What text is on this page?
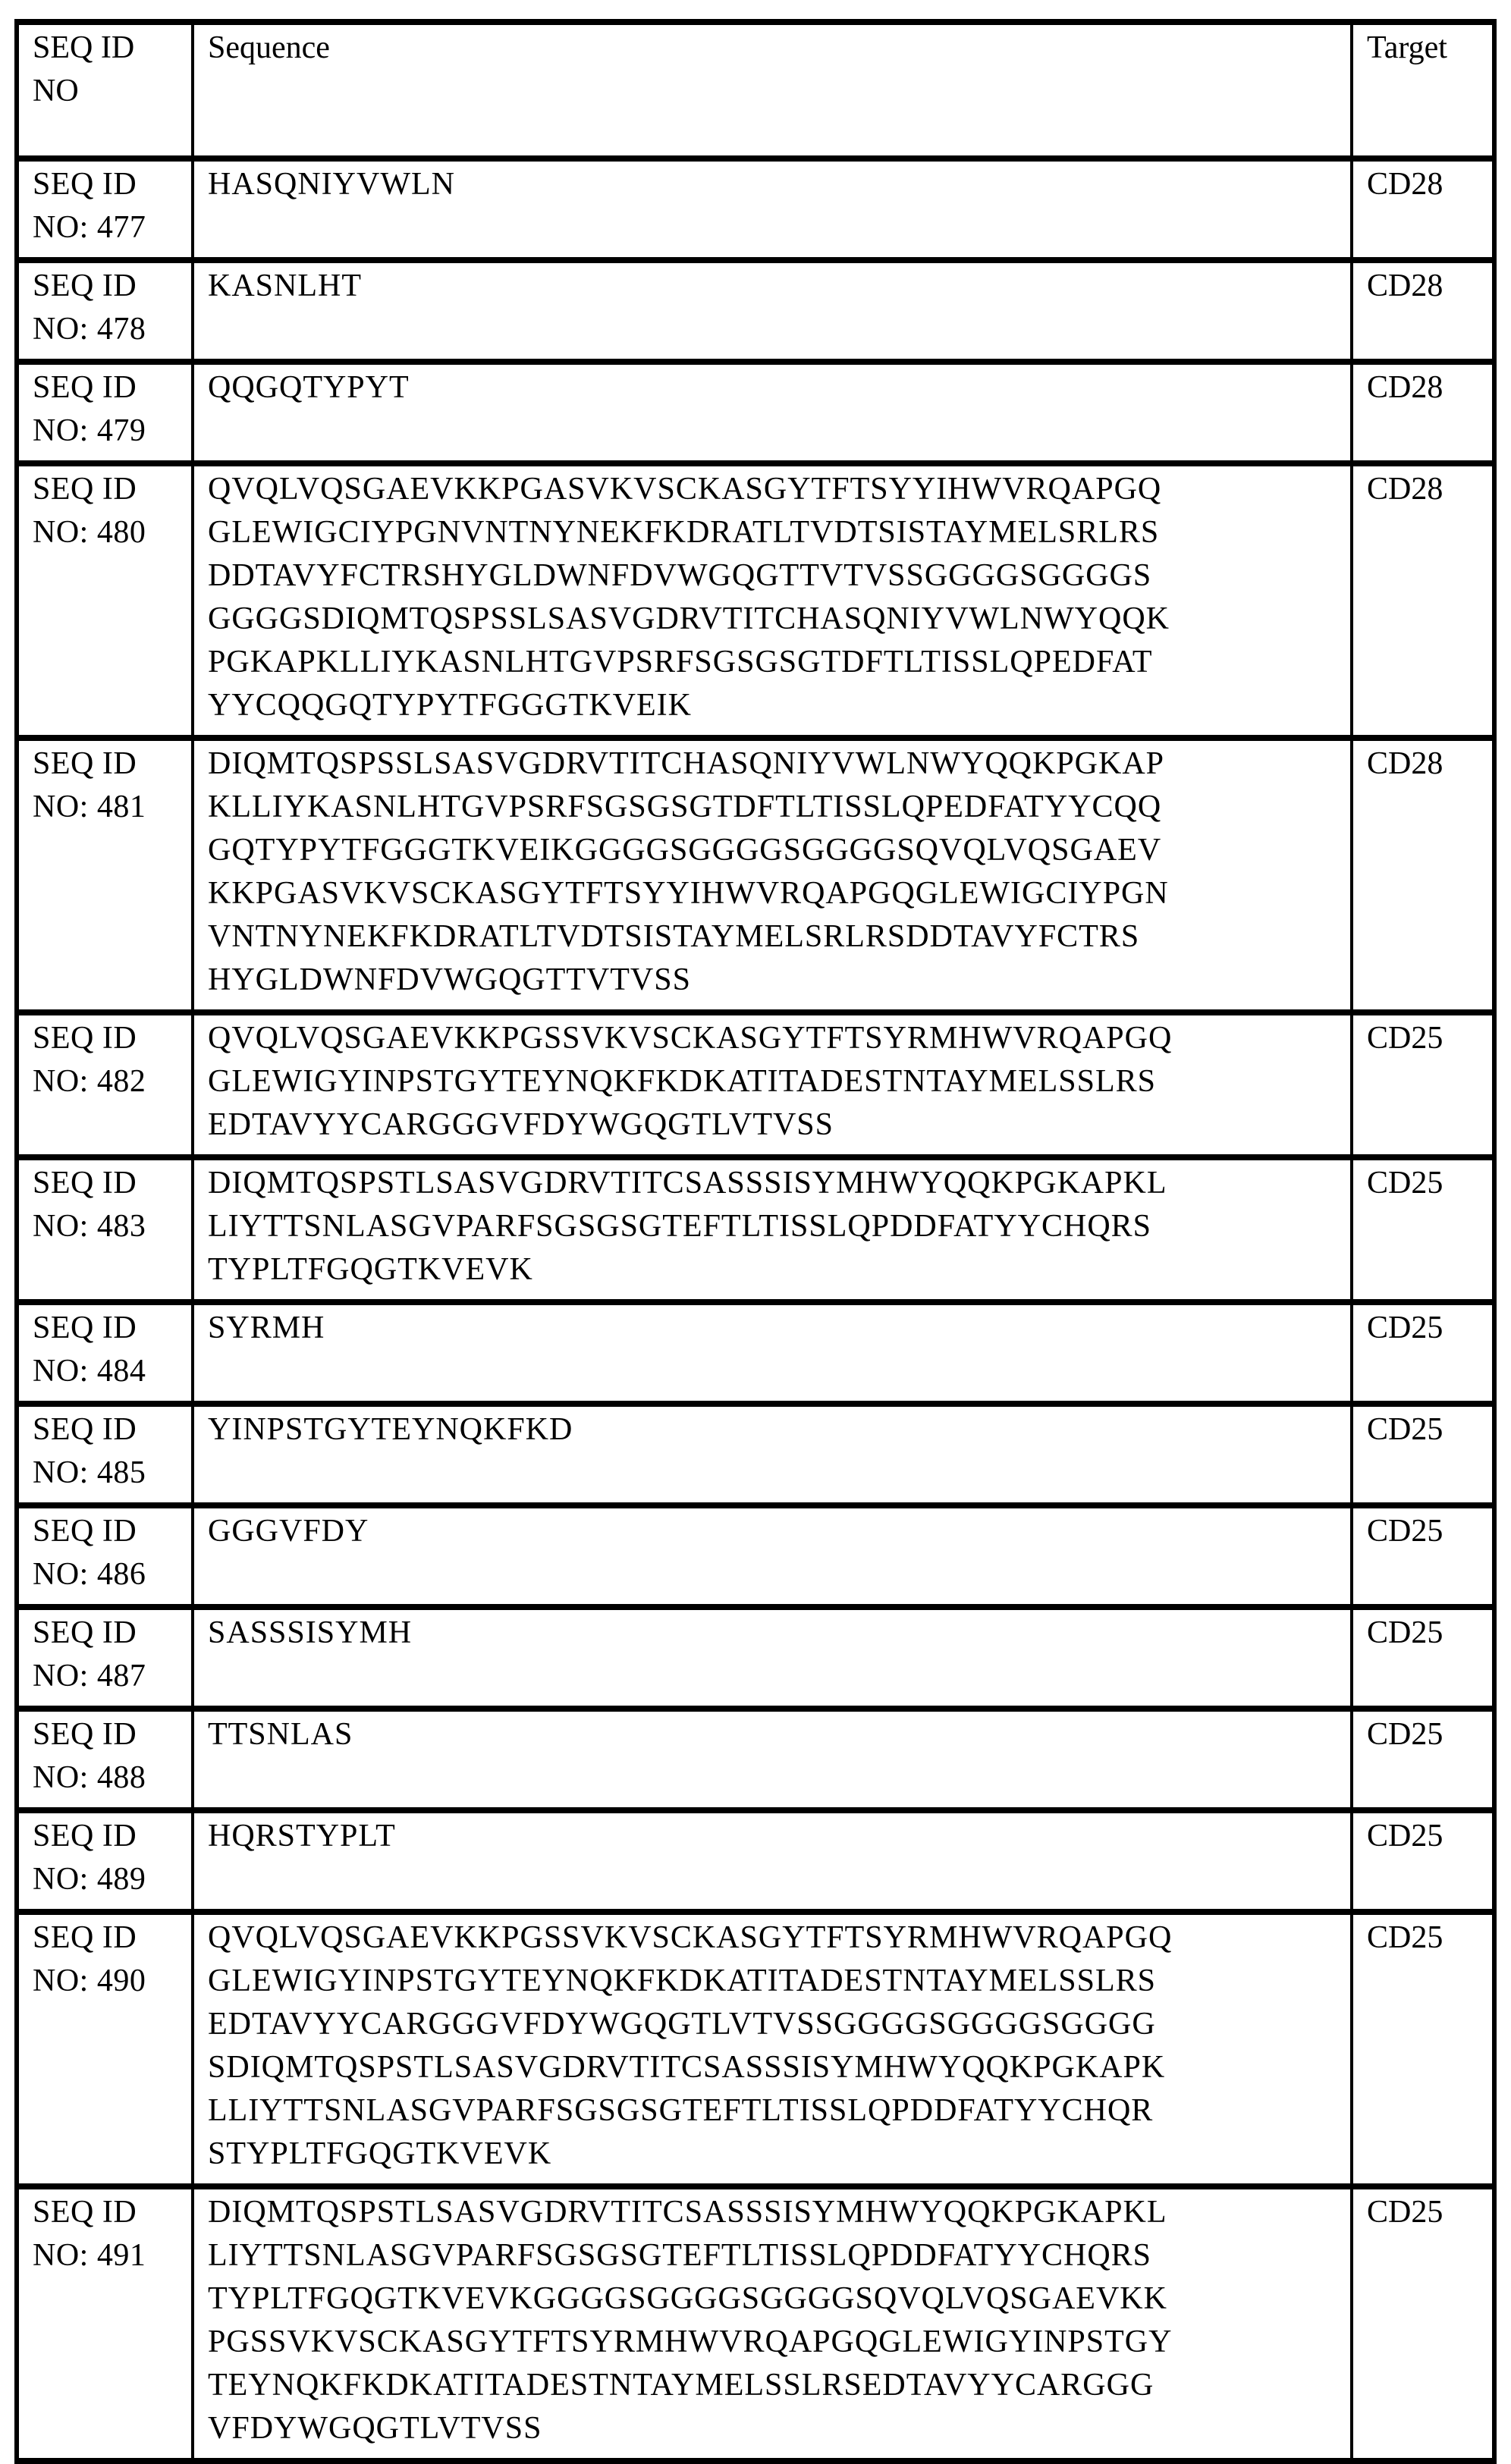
SEQ ID
NO	Sequence	Target
SEQ ID
NO: 477	HASQNIYVWLN	CD28
SEQ ID
NO: 478	KASNLHT	CD28
SEQ ID
NO: 479	QQGQTYPYT	CD28
SEQ ID
NO: 480	QVQLVQSGAEVKKPGASVKVSCKASGYTFTSYYIHWVRQAPGQ
GLEWIGCIYPGNVNTNYNEKFKDRATLTVDTSISTAYMELSRLRS
DDTAVYFCTRSHYGLDWNFDVWGQGTTVTVSSGGGGSGGGGS
GGGGSDIQMTQSPSSLSASVGDRVTITCHASQNIYVWLNWYQQK
PGKAPKLLIYKASNLHTGVPSRFSGSGSGTDFTLTISSLQPEDFAT
YYCQQGQTYPYTFGGGTKVEIK	CD28
SEQ ID
NO: 481	DIQMTQSPSSLSASVGDRVTITCHASQNIYVWLNWYQQKPGKAP
KLLIYKASNLHTGVPSRFSGSGSGTDFTLTISSLQPEDFATYYCQQ
GQTYPYTFGGGTKVEIKGGGGSGGGGSGGGGSQVQLVQSGAEV
KKPGASVKVSCKASGYTFTSYYIHWVRQAPGQGLEWIGCIYPGN
VNTNYNEKFKDRATLTVDTSISTAYMELSRLRSDDTAVYFCTRS
HYGLDWNFDVWGQGTTVTVSS	CD28
SEQ ID
NO: 482	QVQLVQSGAEVKKPGSSVKVSCKASGYTFTSYRMHWVRQAPGQ
GLEWIGYINPSTGYTEYNQKFKDKATITADESTNTAYMELSSLRS
EDTAVYYCARGGGVFDYWGQGTLVTVSS	CD25
SEQ ID
NO: 483	DIQMTQSPSTLSASVGDRVTITCSASSSISYMHWYQQKPGKAPKL
LIYTTSNLASGVPARFSGSGSGTEFTLTISSLQPDDFATYYCHQRS
TYPLTFGQGTKVEVK	CD25
SEQ ID
NO: 484	SYRMH	CD25
SEQ ID
NO: 485	YINPSTGYTEYNQKFKD	CD25
SEQ ID
NO: 486	GGGVFDY	CD25
SEQ ID
NO: 487	SASSSISYMH	CD25
SEQ ID
NO: 488	TTSNLAS	CD25
SEQ ID
NO: 489	HQRSTYPLT	CD25
SEQ ID
NO: 490	QVQLVQSGAEVKKPGSSVKVSCKASGYTFTSYRMHWVRQAPGQ
GLEWIGYINPSTGYTEYNQKFKDKATITADESTNTAYMELSSLRS
EDTAVYYCARGGGVFDYWGQGTLVTVSSGGGGSGGGGSGGGG
SDIQMTQSPSTLSASVGDRVTITCSASSSISYMHWYQQKPGKAPK
LLIYTTSNLASGVPARFSGSGSGTEFTLTISSLQPDDFATYYCHQR
STYPLTFGQGTKVEVK	CD25
SEQ ID
NO: 491	DIQMTQSPSTLSASVGDRVTITCSASSSISYMHWYQQKPGKAPKL
LIYTTSNLASGVPARFSGSGSGTEFTLTISSLQPDDFATYYCHQRS
TYPLTFGQGTKVEVKGGGGSGGGGSGGGGSQVQLVQSGAEVKK
PGSSVKVSCKASGYTFTSYRMHWVRQAPGQGLEWIGYINPSTGY
TEYNQKFKDKATITADESTNTAYMELSSLRSEDTAVYYCARGGG
VFDYWGQGTLVTVSS	CD25
